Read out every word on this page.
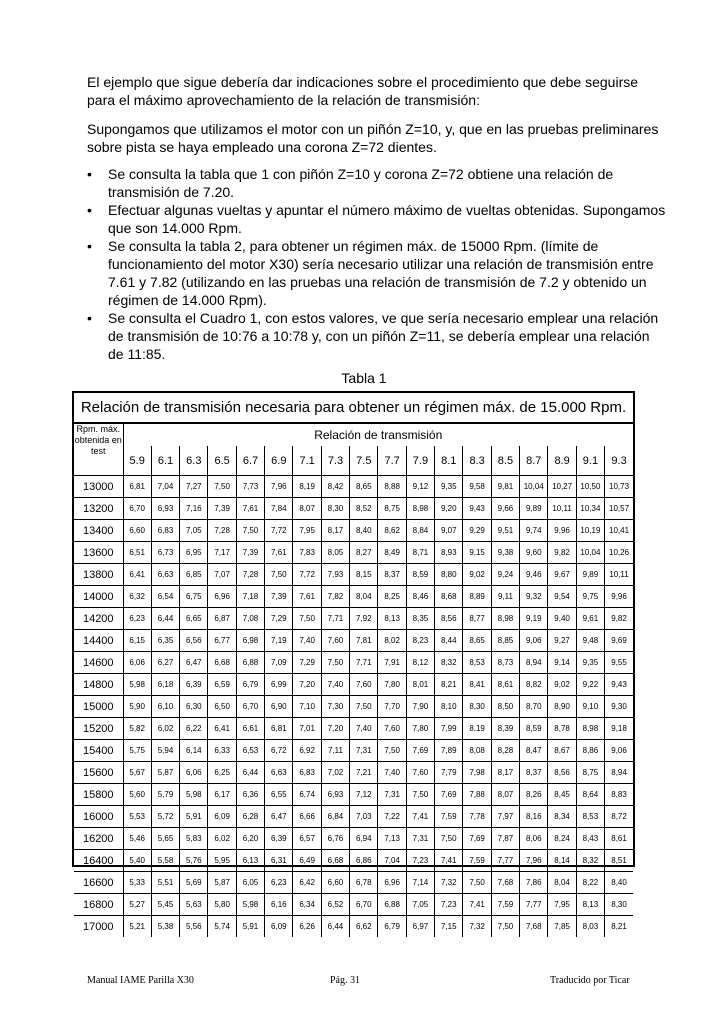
El ejemplo que sigue debería dar indicaciones sobre el procedimiento que debe seguirse para el máximo aprovechamiento de la relación de transmisión:

Supongamos que utilizamos el motor con un piñón Z=10, y, que en las pruebas preliminares sobre pista se haya empleado una corona Z=72 dientes.

•	Se consulta la tabla que 1 con piñón Z=10 y corona Z=72 obtiene una relación de transmisión de 7.20.
•	Efectuar algunas vueltas y apuntar el número máximo de vueltas obtenidas. Supongamos que son 14.000 Rpm.
•	Se consulta la tabla 2, para obtener un régimen máx. de 15000 Rpm. (límite de funcionamiento del motor X30) sería necesario utilizar una relación de transmisión entre 7.61 y 7.82 (utilizando en las pruebas una relación de transmisión de 7.2 y obtenido un régimen de 14.000 Rpm).
•	Se consulta el Cuadro 1, con estos valores, ve que sería necesario emplear una relación de transmisión de 10:76 a 10:78 y, con un piñón Z=11, se debería emplear una relación de 11:85.
Tabla 1
Relación de transmisión necesaria para obtener un régimen máx. de 15.000 Rpm.
Rpm. máx. obtenida en test	Relación de transmisión																	
	5.9	6.1	6.3	6.5	6.7	6.9	7.1	7.3	7.5	7.7	7.9	8.1	8.3	8.5	8.7	8.9	9.1	9.3
13000	6,81	7,04	7,27	7,50	7,73	7,96	8,19	8,42	8,65	8,88	9,12	9,35	9,58	9,81	10,04	10,27	10,50	10,73
13200	6,70	6,93	7,16	7,39	7,61	7,84	8,07	8,30	8,52	8,75	8,98	9,20	9,43	9,66	9,89	10,11	10,34	10,57
13400	6,60	6,83	7,05	7,28	7,50	7,72	7,95	8,17	8,40	8,62	8,84	9,07	9,29	9,51	9,74	9,96	10,19	10,41
13600	6,51	6,73	6,95	7,17	7,39	7,61	7,83	8,05	8,27	8,49	8,71	8,93	9,15	9,38	9,60	9,82	10,04	10,26
13800	6,41	6,63	6,85	7,07	7,28	7,50	7,72	7,93	8,15	8,37	8,59	8,80	9,02	9,24	9,46	9,67	9,89	10,11
14000	6,32	6,54	6,75	6,96	7,18	7,39	7,61	7,82	8,04	8,25	8,46	8,68	8,89	9,11	9,32	9,54	9,75	9,96
14200	6,23	6,44	6,65	6,87	7,08	7,29	7,50	7,71	7,92	8,13	8,35	8,56	8,77	8,98	9,19	9,40	9,61	9,82
14400	6,15	6,35	6,56	6,77	6,98	7,19	7,40	7,60	7,81	8,02	8,23	8,44	8,65	8,85	9,06	9,27	9,48	9,69
14600	6,06	6,27	6,47	6,68	6,88	7,09	7,29	7,50	7,71	7,91	8,12	8,32	8,53	8,73	8,94	9,14	9,35	9,55
14800	5,98	6,18	6,39	6,59	6,79	6,99	7,20	7,40	7,60	7,80	8,01	8,21	8,41	8,61	8,82	9,02	9,22	9,43
15000	5,90	6,10	6,30	6,50	6,70	6,90	7,10	7,30	7,50	7,70	7,90	8,10	8,30	8,50	8,70	8,90	9,10	9,30
15200	5,82	6,02	6,22	6,41	6,61	6,81	7,01	7,20	7,40	7,60	7,80	7,99	8,19	8,39	8,59	8,78	8,98	9,18
15400	5,75	5,94	6,14	6,33	6,53	6,72	6,92	7,11	7,31	7,50	7,69	7,89	8,08	8,28	8,47	8,67	8,86	9,06
15600	5,67	5,87	6,06	6,25	6,44	6,63	6,83	7,02	7,21	7,40	7,60	7,79	7,98	8,17	8,37	8,56	8,75	8,94
15800	5,60	5,79	5,98	6,17	6,36	6,55	6,74	6,93	7,12	7,31	7,50	7,69	7,88	8,07	8,26	8,45	8,64	8,83
16000	5,53	5,72	5,91	6,09	6,28	6,47	6,66	6,84	7,03	7,22	7,41	7,59	7,78	7,97	8,16	8,34	8,53	8,72
16200	5,46	5,65	5,83	6,02	6,20	6,39	6,57	6,76	6,94	7,13	7,31	7,50	7,69	7,87	8,06	8,24	8,43	8,61
16400	5,40	5,58	5,76	5,95	6,13	6,31	6,49	6,68	6,86	7,04	7,23	7,41	7,59	7,77	7,96	8,14	8,32	8,51
16600	5,33	5,51	5,69	5,87	6,05	6,23	6,42	6,60	6,78	6,96	7,14	7,32	7,50	7,68	7,86	8,04	8,22	8,40
16800	5,27	5,45	5,63	5,80	5,98	6,16	6,34	6,52	6,70	6,88	7,05	7,23	7,41	7,59	7,77	7,95	8,13	8,30
17000	5,21	5,38	5,56	5,74	5,91	6,09	6,26	6,44	6,62	6,79	6,97	7,15	7,32	7,50	7,68	7,85	8,03	8,21
Manual IAME Parilla X30	Pág. 31	Traducido por Ticar
